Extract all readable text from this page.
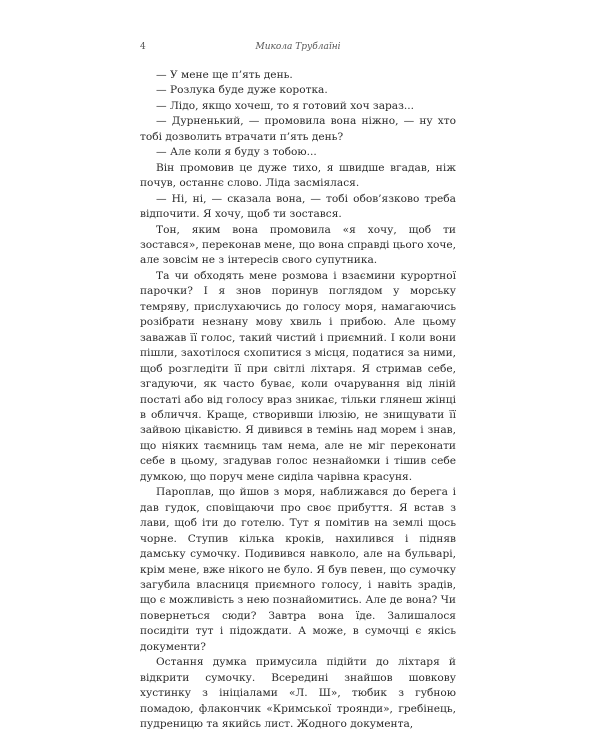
4	Микола Трублаїні

— У мене ще п’ять день.

— Розлука буде дуже коротка.

— Лідо, якщо хочеш, то я готовий хоч зараз...

— Дурненький, — промовила вона ніжно, — ну хто тобі дозволить втрачати п’ять день?

— Але коли я буду з тобою...

Він промовив це дуже тихо, я швидше вгадав, ніж почув, останнє слово. Ліда засміялася.

— Ні, ні, — сказала вона, — тобі обов’язково треба відпочити. Я хочу, щоб ти зостався.

Тон, яким вона промовила «я хочу, щоб ти зостався», переконав мене, що вона справді цього хоче, але зовсім не з інтересів свого супутника.

Та чи обходять мене розмова і взаємини курортної парочки? І я знов поринув поглядом у морську темряву, прислухаючись до голосу моря, намагаючись розібрати незнану мову хвиль і прибою. Але цьому заважав її голос, такий чистий і приємний. І коли вони пішли, захотілося схопитися з місця, податися за ними, щоб розгледіти її при світлі ліхтаря. Я стримав себе, згадуючи, як часто буває, коли очарування від ліній постаті або від голосу враз зникає, тільки глянеш жінці в обличчя. Краще, створивши ілюзію, не знищувати її зайвою цікавістю. Я дивився в темінь над морем і знав, що ніяких таємниць там нема, але не міг переконати себе в цьому, згадував голос незнайомки і тішив себе думкою, що поруч мене сиділа чарівна красуня.

Пароплав, що йшов з моря, наближався до берега і дав гудок, сповіщаючи про своє прибуття. Я встав з лави, щоб іти до готелю. Тут я помітив на землі щось чорне. Ступив кілька кроків, нахилився і підняв дамську сумочку. Подивився навколо, але на бульварі, крім мене, вже нікого не було. Я був певен, що сумочку загубила власниця приємного голосу, і навіть зрадів, що є можливість з нею познайомитись. Але де вона? Чи повернеться сюди? Завтра вона їде. Залишалося посидіти тут і підождати. А може, в сумочці є якісь документи?

Остання думка примусила підійти до ліхтаря й відкрити сумочку. Всередині знайшов шовкову хустинку з ініціалами «Л. Ш», тюбик з губною помадою, флакончик «Кримської троянди», гребінець, пудреницю та якийсь лист. Жодного документа,
